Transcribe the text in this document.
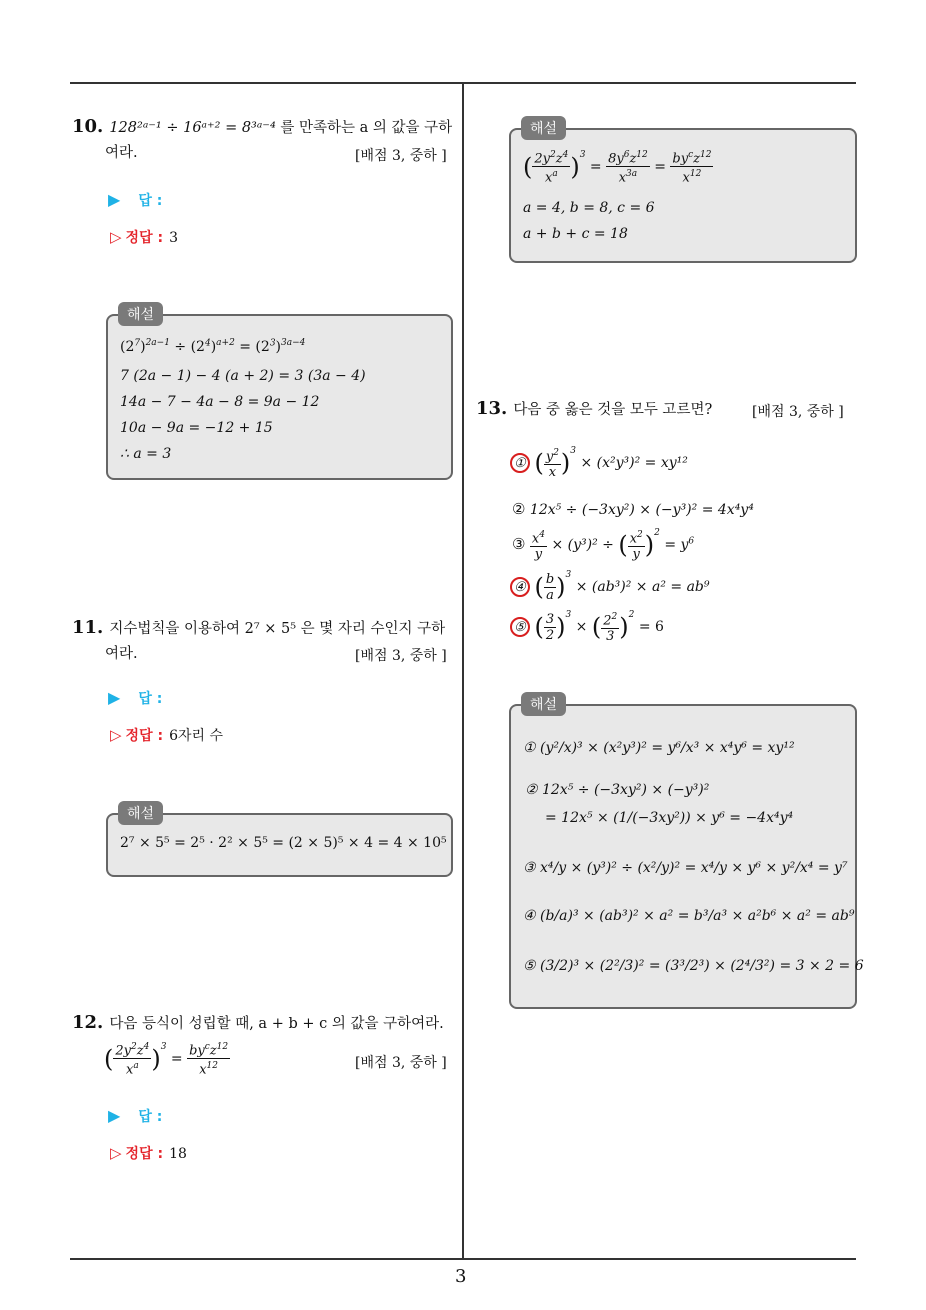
3
10. 128²ᵃ⁻¹ ÷ 16ᵃ⁺² = 8³ᵃ⁻⁴ 를 만족하는 a 의 값을 구하
여라.	[배점 3, 중하 ]
▶ 답 :
▷ 정답 : 3
해설
$(2^7)^{2a-1} \div (2^4)^{a+2} = (2^3)^{3a-4}$
7 (2a − 1) − 4 (a + 2) = 3 (3a − 4)
14a − 7 − 4a − 8 = 9a − 12
10a − 9a = −12 + 15
∴ a = 3
11. 지수법칙을 이용하여 2⁷ × 5⁵ 은 몇 자리 수인지 구하
여라.	[배점 3, 중하 ]
▶ 답 :
▷ 정답 : 6자리 수
해설
2⁷ × 5⁵ = 2⁵ · 2² × 5⁵ = (2 × 5)⁵ × 4 = 4 × 10⁵
12. 다음 등식이 성립할 때, a + b + c 의 값을 구하여라.
( $\frac{2y^2z^4}{x^a} )^3 = \frac{by^cz^{12}}{x^{12}}$	[배점 3, 중하 ]
▶ 답 :
▷ 정답 : 18
해설
( $\frac{2y^2z^4}{x^a} )^3 = \frac{8y^6z^{12}}{x^{3a}} = \frac{by^cz^{12}}{x^{12}}$
a = 4, b = 8, c = 6
a + b + c = 18
13. 다음 중 옳은 것을 모두 고르면?	[배점 3, 중하 ]
① ( $\frac{y^2}{x} )^3 \times (x^2y^3)^2 = xy^{12}$
② 12x⁵ ÷ (−3xy²) × (−y³)² = 4x⁴y⁴
③ $\frac{x^4}{y} \times (y^3)^2$ ÷ ( $\frac{x^2}{y} )^2 = y^6$
④ ( $\frac{b}{a} )^3 \times (ab^3)^2 \times a^2 = ab^9$
⑤ ( $\frac{3}{2} )^3$ × ( $\frac{2^2}{3} )^2 = 6$
해설
① (y²/x)³ × (x²y³)² = y⁶/x³ × x⁴y⁶ = xy¹²
② 12x⁵ ÷ (−3xy²) × (−y³)²
= 12x⁵ × (1/(−3xy²)) × y⁶ = −4x⁴y⁴
③ x⁴/y × (y³)² ÷ (x²/y)² = x⁴/y × y⁶ × y²/x⁴ = y⁷
④ (b/a)³ × (ab³)² × a² = b³/a³ × a²b⁶ × a² = ab⁹
⑤ (3/2)³ × (2²/3)² = (3³/2³) × (2⁴/3²) = 3 × 2 = 6
